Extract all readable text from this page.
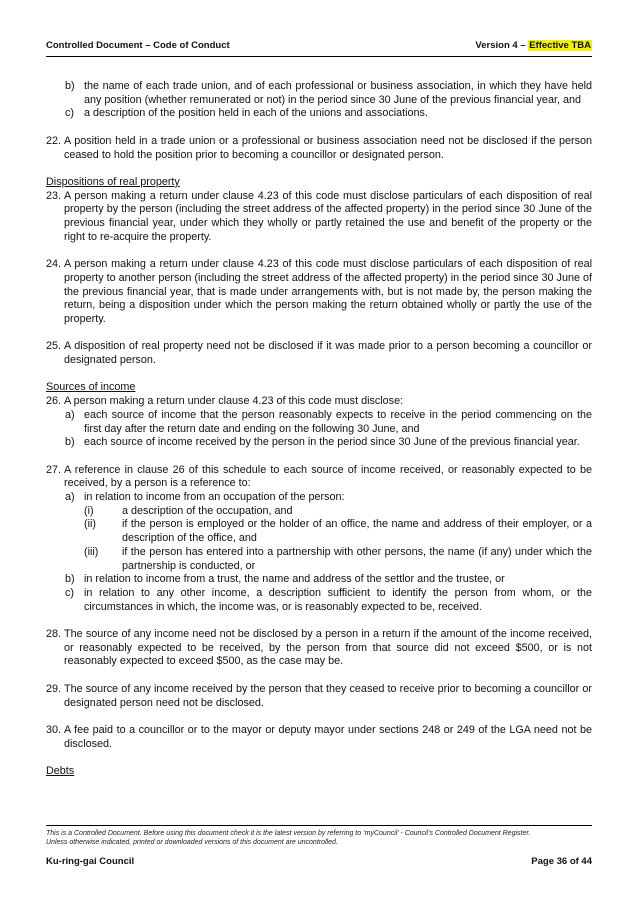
Controlled Document – Code of Conduct	Version 4 – Effective TBA
b) the name of each trade union, and of each professional or business association, in which they have held any position (whether remunerated or not) in the period since 30 June of the previous financial year, and
c) a description of the position held in each of the unions and associations.
22. A position held in a trade union or a professional or business association need not be disclosed if the person ceased to hold the position prior to becoming a councillor or designated person.
Dispositions of real property
23. A person making a return under clause 4.23 of this code must disclose particulars of each disposition of real property by the person (including the street address of the affected property) in the period since 30 June of the previous financial year, under which they wholly or partly retained the use and benefit of the property or the right to re-acquire the property.
24. A person making a return under clause 4.23 of this code must disclose particulars of each disposition of real property to another person (including the street address of the affected property) in the period since 30 June of the previous financial year, that is made under arrangements with, but is not made by, the person making the return, being a disposition under which the person making the return obtained wholly or partly the use of the property.
25. A disposition of real property need not be disclosed if it was made prior to a person becoming a councillor or designated person.
Sources of income
26. A person making a return under clause 4.23 of this code must disclose:
a) each source of income that the person reasonably expects to receive in the period commencing on the first day after the return date and ending on the following 30 June, and
b) each source of income received by the person in the period since 30 June of the previous financial year.
27. A reference in clause 26 of this schedule to each source of income received, or reasonably expected to be received, by a person is a reference to:
a) in relation to income from an occupation of the person:
(i)	a description of the occupation, and
(ii) if the person is employed or the holder of an office, the name and address of their employer, or a description of the office, and
(iii) if the person has entered into a partnership with other persons, the name (if any) under which the partnership is conducted, or
b) in relation to income from a trust, the name and address of the settlor and the trustee, or
c) in relation to any other income, a description sufficient to identify the person from whom, or the circumstances in which, the income was, or is reasonably expected to be, received.
28. The source of any income need not be disclosed by a person in a return if the amount of the income received, or reasonably expected to be received, by the person from that source did not exceed $500, or is not reasonably expected to exceed $500, as the case may be.
29. The source of any income received by the person that they ceased to receive prior to becoming a councillor or designated person need not be disclosed.
30. A fee paid to a councillor or to the mayor or deputy mayor under sections 248 or 249 of the LGA need not be disclosed.
Debts
This is a Controlled Document. Before using this document check it is the latest version by referring to ‘myCouncil’ - Council’s Controlled Document Register.
Unless otherwise indicated, printed or downloaded versions of this document are uncontrolled.
Ku-ring-gai Council	Page 36 of 44
